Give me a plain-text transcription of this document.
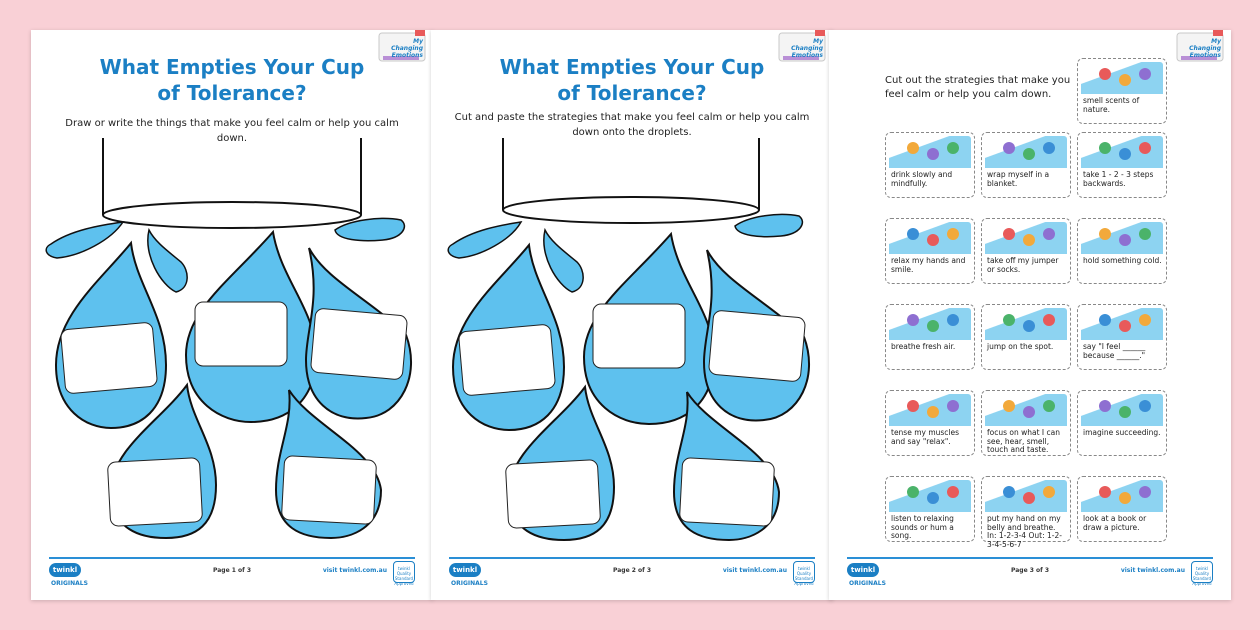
My Changing Emotions
What Empties Your Cup
of Tolerance?
Draw or write the things that make you feel calm or help you calm down.
twinkl
ORIGINALS
Page 1 of 3	visit twinkl.com.au	twinkl Quality Standard Approved
My Changing Emotions
What Empties Your Cup
of Tolerance?
Cut and paste the strategies that make you feel calm or help you calm down onto the droplets.
twinkl
ORIGINALS
Page 2 of 3	visit twinkl.com.au	twinkl Quality Standard Approved
My Changing Emotions
Cut out the strategies that make you feel calm or help you calm down.
smell scents of nature.
drink slowly and mindfully.
wrap myself in a blanket.
take 1 - 2 - 3 steps backwards.
relax my hands and smile.
take off my jumper or socks.
hold something cold.
breathe fresh air.	jump on the spot.	say "I feel ______ because ______."
tense my muscles and say "relax".
focus on what I can see, hear, smell, touch and taste.
imagine succeeding.
listen to relaxing sounds or hum a song.
put my hand on my belly and breathe. In: 1-2-3-4 Out: 1-2-3-4-5-6-7
look at a book or draw a picture.
twinkl
ORIGINALS
Page 3 of 3	visit twinkl.com.au	twinkl Quality Standard Approved
